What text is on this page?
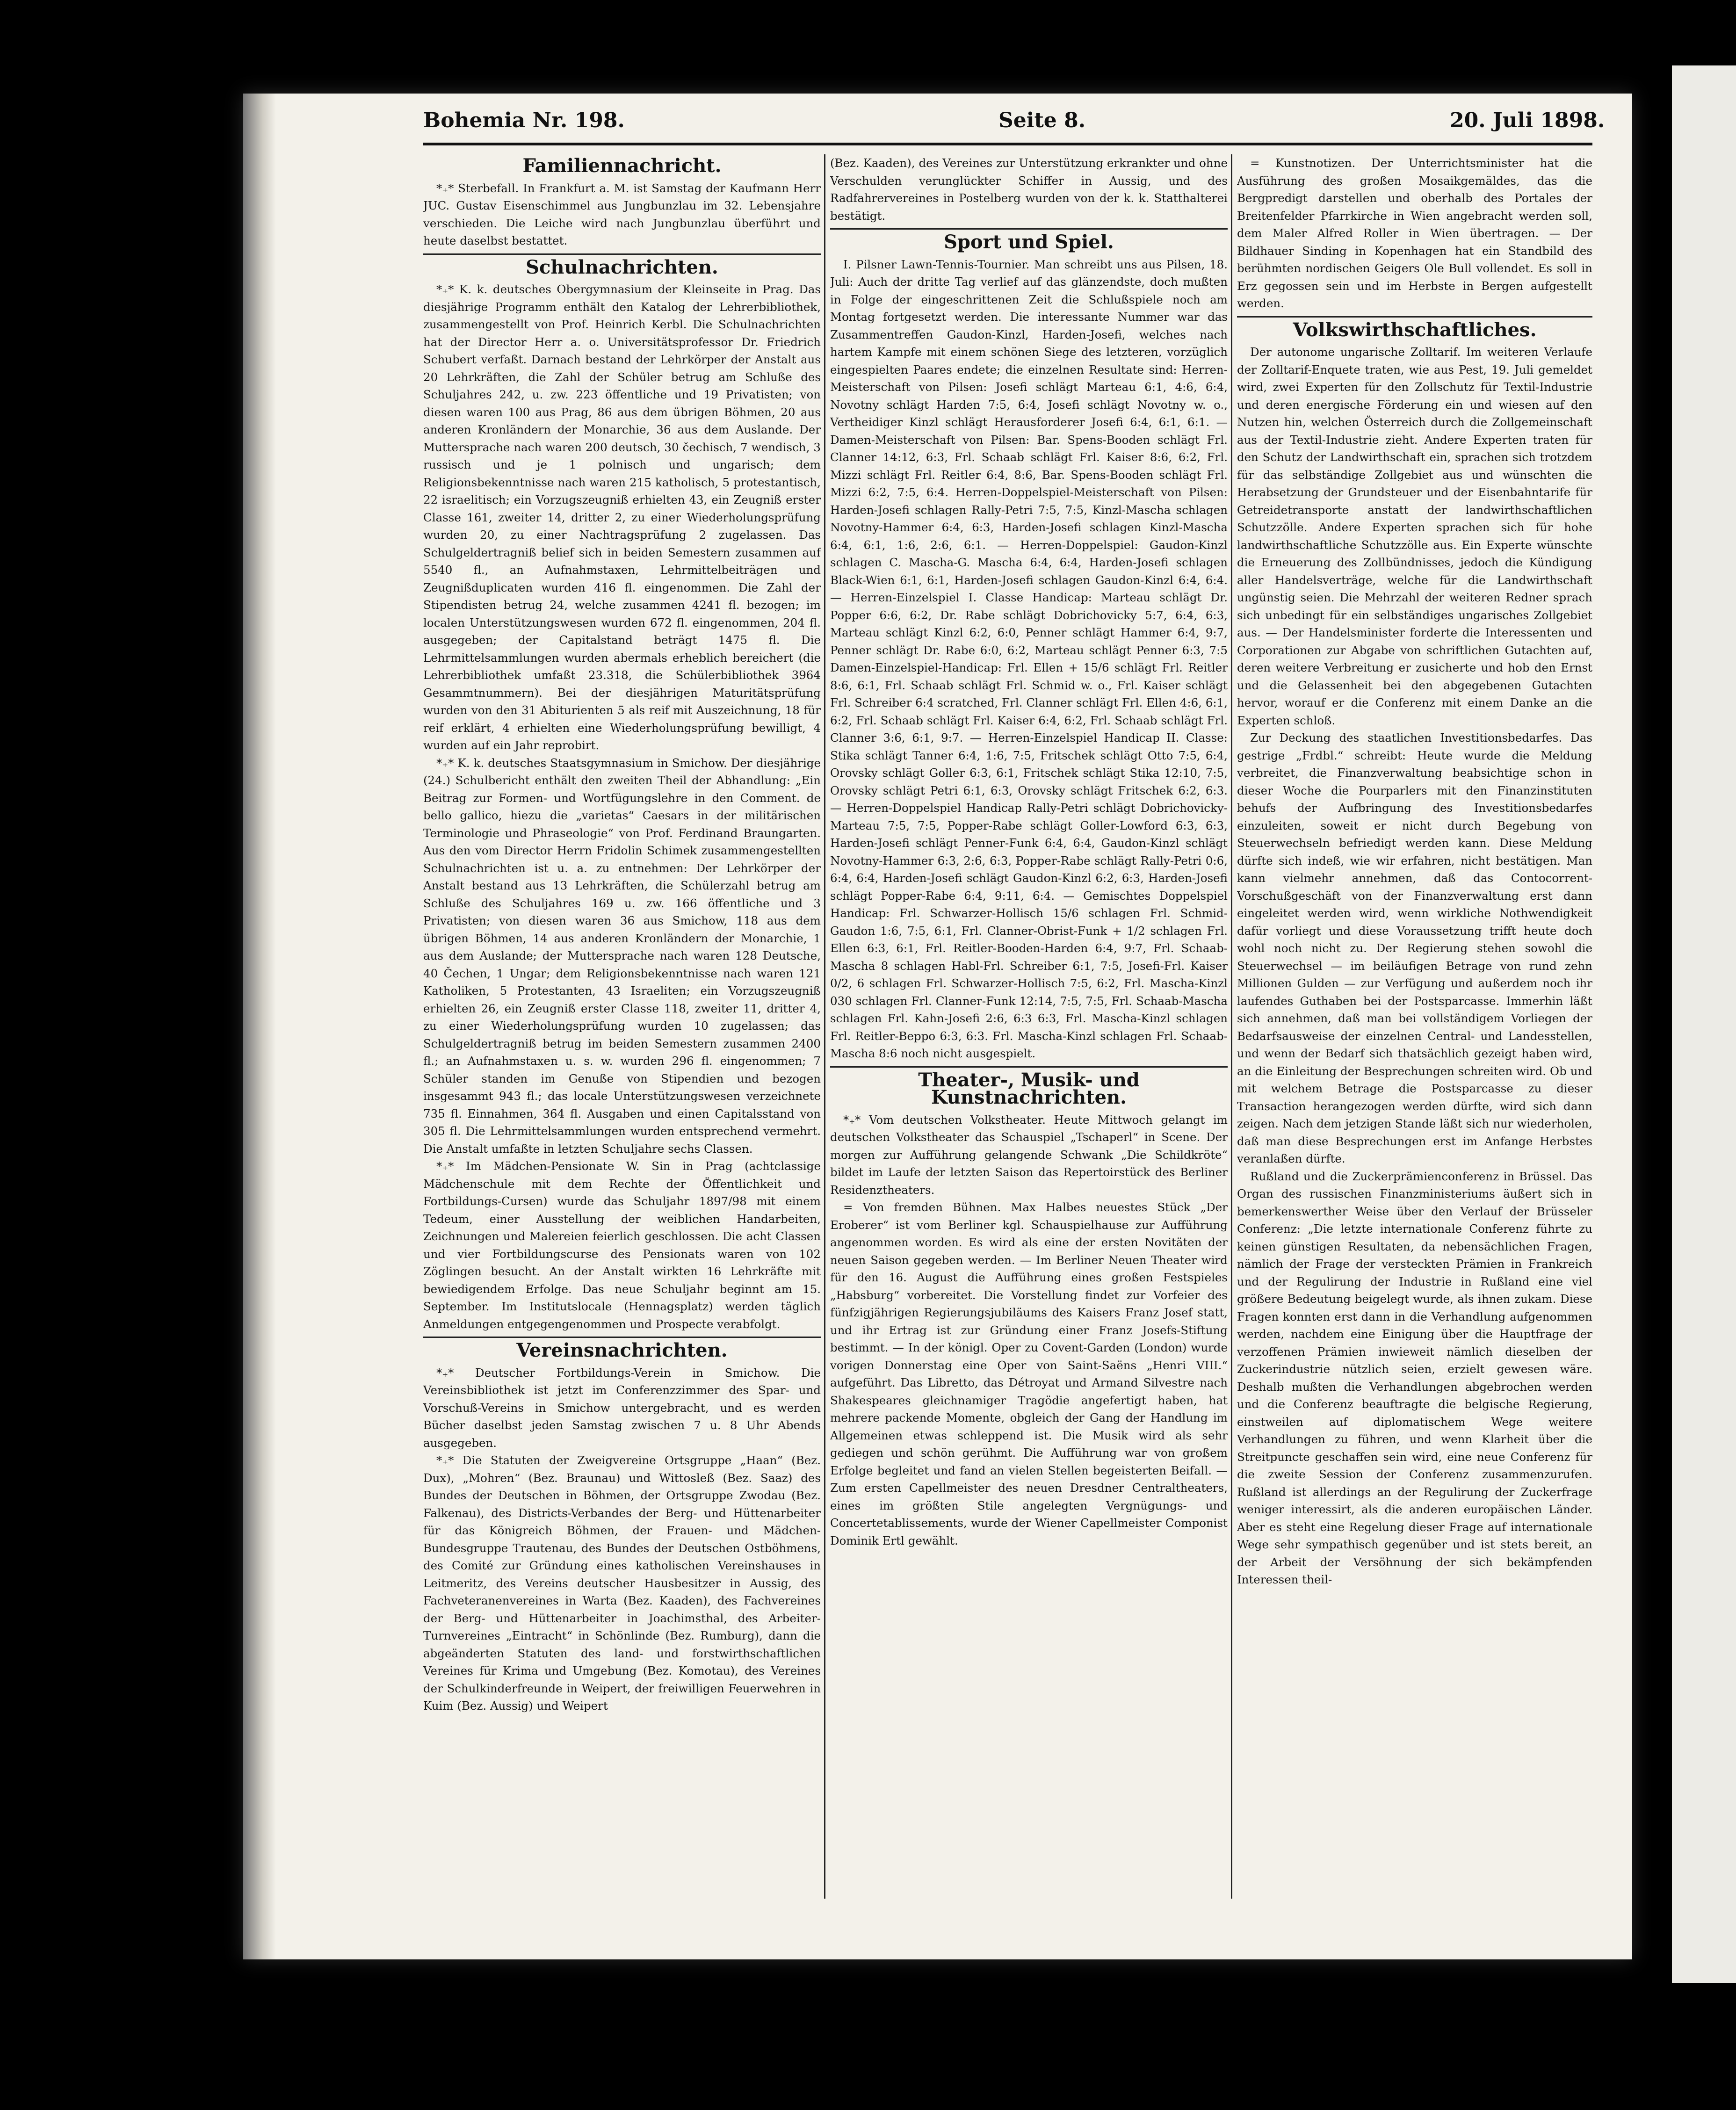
Bohemia Nr. 198.	Seite 8.	20. Juli 1898.
Familiennachricht.

*₊* Sterbefall. In Frankfurt a. M. ist Samstag der Kaufmann Herr JUC. Gustav Eisenschimmel aus Jungbunzlau im 32. Lebensjahre verschieden. Die Leiche wird nach Jungbunzlau überführt und heute daselbst bestattet.

Schulnachrichten.

*₊* K. k. deutsches Obergymnasium der Kleinseite in Prag. Das diesjährige Programm enthält den Katalog der Lehrerbibliothek, zusammengestellt von Prof. Heinrich Kerbl. Die Schulnachrichten hat der Director Herr a. o. Universitätsprofessor Dr. Friedrich Schubert verfaßt. Darnach bestand der Lehrkörper der Anstalt aus 20 Lehrkräften, die Zahl der Schüler betrug am Schluße des Schuljahres 242, u. zw. 223 öffentliche und 19 Privatisten; von diesen waren 100 aus Prag, 86 aus dem übrigen Böhmen, 20 aus anderen Kronländern der Monarchie, 36 aus dem Auslande. Der Muttersprache nach waren 200 deutsch, 30 čechisch, 7 wendisch, 3 russisch und je 1 polnisch und ungarisch; dem Religionsbekenntnisse nach waren 215 katholisch, 5 protestantisch, 22 israelitisch; ein Vorzugszeugniß erhielten 43, ein Zeugniß erster Classe 161, zweiter 14, dritter 2, zu einer Wiederholungsprüfung wurden 20, zu einer Nachtragsprüfung 2 zugelassen. Das Schulgeldertragniß belief sich in beiden Semestern zusammen auf 5540 fl., an Aufnahmstaxen, Lehrmittelbeiträgen und Zeugnißduplicaten wurden 416 fl. eingenommen. Die Zahl der Stipendisten betrug 24, welche zusammen 4241 fl. bezogen; im localen Unterstützungswesen wurden 672 fl. eingenommen, 204 fl. ausgegeben; der Capitalstand beträgt 1475 fl. Die Lehrmittelsammlungen wurden abermals erheblich bereichert (die Lehrerbibliothek umfaßt 23.318, die Schülerbibliothek 3964 Gesammtnummern). Bei der diesjährigen Maturitätsprüfung wurden von den 31 Abiturienten 5 als reif mit Auszeichnung, 18 für reif erklärt, 4 erhielten eine Wiederholungsprüfung bewilligt, 4 wurden auf ein Jahr reprobirt.

*₊* K. k. deutsches Staatsgymnasium in Smichow. Der diesjährige (24.) Schulbericht enthält den zweiten Theil der Abhandlung: „Ein Beitrag zur Formen- und Wortfügungslehre in den Comment. de bello gallico, hiezu die „varietas“ Caesars in der militärischen Terminologie und Phraseologie“ von Prof. Ferdinand Braungarten. Aus den vom Director Herrn Fridolin Schimek zusammengestellten Schulnachrichten ist u. a. zu entnehmen: Der Lehrkörper der Anstalt bestand aus 13 Lehrkräften, die Schülerzahl betrug am Schluße des Schuljahres 169 u. zw. 166 öffentliche und 3 Privatisten; von diesen waren 36 aus Smichow, 118 aus dem übrigen Böhmen, 14 aus anderen Kronländern der Monarchie, 1 aus dem Auslande; der Muttersprache nach waren 128 Deutsche, 40 Čechen, 1 Ungar; dem Religionsbekenntnisse nach waren 121 Katholiken, 5 Protestanten, 43 Israeliten; ein Vorzugszeugniß erhielten 26, ein Zeugniß erster Classe 118, zweiter 11, dritter 4, zu einer Wiederholungsprüfung wurden 10 zugelassen; das Schulgeldertragniß betrug im beiden Semestern zusammen 2400 fl.; an Aufnahmstaxen u. s. w. wurden 296 fl. eingenommen; 7 Schüler standen im Genuße von Stipendien und bezogen insgesammt 943 fl.; das locale Unterstützungswesen verzeichnete 735 fl. Einnahmen, 364 fl. Ausgaben und einen Capitalsstand von 305 fl. Die Lehrmittelsammlungen wurden entsprechend vermehrt. Die Anstalt umfaßte in letzten Schuljahre sechs Classen.

*₊* Im Mädchen-Pensionate W. Sin in Prag (achtclassige Mädchenschule mit dem Rechte der Öffentlichkeit und Fortbildungs-Cursen) wurde das Schuljahr 1897/98 mit einem Tedeum, einer Ausstellung der weiblichen Handarbeiten, Zeichnungen und Malereien feierlich geschlossen. Die acht Classen und vier Fortbildungscurse des Pensionats waren von 102 Zöglingen besucht. An der Anstalt wirkten 16 Lehrkräfte mit bewiedigendem Erfolge. Das neue Schuljahr beginnt am 15. September. Im Institutslocale (Hennagsplatz) werden täglich Anmeldungen entgegengenommen und Prospecte verabfolgt.

Vereinsnachrichten.

*₊* Deutscher Fortbildungs-Verein in Smichow. Die Vereinsbibliothek ist jetzt im Conferenzzimmer des Spar- und Vorschuß-Vereins in Smichow untergebracht, und es werden Bücher daselbst jeden Samstag zwischen 7 u. 8 Uhr Abends ausgegeben.

*₊* Die Statuten der Zweigvereine Ortsgruppe „Haan“ (Bez. Dux), „Mohren“ (Bez. Braunau) und Wittosleß (Bez. Saaz) des Bundes der Deutschen in Böhmen, der Ortsgruppe Zwodau (Bez. Falkenau), des Districts-Verbandes der Berg- und Hüttenarbeiter für das Königreich Böhmen, der Frauen- und Mädchen-Bundesgruppe Trautenau, des Bundes der Deutschen Ostböhmens, des Comité zur Gründung eines katholischen Vereinshauses in Leitmeritz, des Vereins deutscher Hausbesitzer in Aussig, des Fachveteranenvereines in Warta (Bez. Kaaden), des Fachvereines der Berg- und Hüttenarbeiter in Joachimsthal, des Arbeiter-Turnvereines „Eintracht“ in Schönlinde (Bez. Rumburg), dann die abgeänderten Statuten des land- und forstwirthschaftlichen Vereines für Krima und Umgebung (Bez. Komotau), des Vereines der Schulkinderfreunde in Weipert, der freiwilligen Feuerwehren in Kuim (Bez. Aussig) und Weipert

(Bez. Kaaden), des Vereines zur Unterstützung erkrankter und ohne Verschulden verunglückter Schiffer in Aussig, und des Radfahrervereines in Postelberg wurden von der k. k. Statthalterei bestätigt.

Sport und Spiel.

I. Pilsner Lawn-Tennis-Tournier. Man schreibt uns aus Pilsen, 18. Juli: Auch der dritte Tag verlief auf das glänzendste, doch mußten in Folge der eingeschrittenen Zeit die Schlußspiele noch am Montag fortgesetzt werden. Die interessante Nummer war das Zusammentreffen Gaudon-Kinzl, Harden-Josefi, welches nach hartem Kampfe mit einem schönen Siege des letzteren, vorzüglich eingespielten Paares endete; die einzelnen Resultate sind: Herren-Meisterschaft von Pilsen: Josefi schlägt Marteau 6:1, 4:6, 6:4, Novotny schlägt Harden 7:5, 6:4, Josefi schlägt Novotny w. o., Vertheidiger Kinzl schlägt Herausforderer Josefi 6:4, 6:1, 6:1. — Damen-Meisterschaft von Pilsen: Bar. Spens-Booden schlägt Frl. Clanner 14:12, 6:3, Frl. Schaab schlägt Frl. Kaiser 8:6, 6:2, Frl. Mizzi schlägt Frl. Reitler 6:4, 8:6, Bar. Spens-Booden schlägt Frl. Mizzi 6:2, 7:5, 6:4. Herren-Doppelspiel-Meisterschaft von Pilsen: Harden-Josefi schlagen Rally-Petri 7:5, 7:5, Kinzl-Mascha schlagen Novotny-Hammer 6:4, 6:3, Harden-Josefi schlagen Kinzl-Mascha 6:4, 6:1, 1:6, 2:6, 6:1. — Herren-Doppelspiel: Gaudon-Kinzl schlagen C. Mascha-G. Mascha 6:4, 6:4, Harden-Josefi schlagen Black-Wien 6:1, 6:1, Harden-Josefi schlagen Gaudon-Kinzl 6:4, 6:4. — Herren-Einzelspiel I. Classe Handicap: Marteau schlägt Dr. Popper 6:6, 6:2, Dr. Rabe schlägt Dobrichovicky 5:7, 6:4, 6:3, Marteau schlägt Kinzl 6:2, 6:0, Penner schlägt Hammer 6:4, 9:7, Penner schlägt Dr. Rabe 6:0, 6:2, Marteau schlägt Penner 6:3, 7:5 Damen-Einzelspiel-Handicap: Frl. Ellen + 15/6 schlägt Frl. Reitler 8:6, 6:1, Frl. Schaab schlägt Frl. Schmid w. o., Frl. Kaiser schlägt Frl. Schreiber 6:4 scratched, Frl. Clanner schlägt Frl. Ellen 4:6, 6:1, 6:2, Frl. Schaab schlägt Frl. Kaiser 6:4, 6:2, Frl. Schaab schlägt Frl. Clanner 3:6, 6:1, 9:7. — Herren-Einzelspiel Handicap II. Classe: Stika schlägt Tanner 6:4, 1:6, 7:5, Fritschek schlägt Otto 7:5, 6:4, Orovsky schlägt Goller 6:3, 6:1, Fritschek schlägt Stika 12:10, 7:5, Orovsky schlägt Petri 6:1, 6:3, Orovsky schlägt Fritschek 6:2, 6:3. — Herren-Doppelspiel Handicap Rally-Petri schlägt Dobrichovicky-Marteau 7:5, 7:5, Popper-Rabe schlägt Goller-Lowford 6:3, 6:3, Harden-Josefi schlägt Penner-Funk 6:4, 6:4, Gaudon-Kinzl schlägt Novotny-Hammer 6:3, 2:6, 6:3, Popper-Rabe schlägt Rally-Petri 0:6, 6:4, 6:4, Harden-Josefi schlägt Gaudon-Kinzl 6:2, 6:3, Harden-Josefi schlägt Popper-Rabe 6:4, 9:11, 6:4. — Gemischtes Doppelspiel Handicap: Frl. Schwarzer-Hollisch 15/6 schlagen Frl. Schmid-Gaudon 1:6, 7:5, 6:1, Frl. Clanner-Obrist-Funk + 1/2 schlagen Frl. Ellen 6:3, 6:1, Frl. Reitler-Booden-Harden 6:4, 9:7, Frl. Schaab-Mascha 8 schlagen Habl-Frl. Schreiber 6:1, 7:5, Josefi-Frl. Kaiser 0/2, 6 schlagen Frl. Schwarzer-Hollisch 7:5, 6:2, Frl. Mascha-Kinzl 030 schlagen Frl. Clanner-Funk 12:14, 7:5, 7:5, Frl. Schaab-Mascha schlagen Frl. Kahn-Josefi 2:6, 6:3 6:3, Frl. Mascha-Kinzl schlagen Frl. Reitler-Beppo 6:3, 6:3. Frl. Mascha-Kinzl schlagen Frl. Schaab-Mascha 8:6 noch nicht ausgespielt.

Theater-, Musik- und Kunstnachrichten.

*₊* Vom deutschen Volkstheater. Heute Mittwoch gelangt im deutschen Volkstheater das Schauspiel „Tschaperl“ in Scene. Der morgen zur Aufführung gelangende Schwank „Die Schildkröte“ bildet im Laufe der letzten Saison das Repertoirstück des Berliner Residenztheaters.

= Von fremden Bühnen. Max Halbes neuestes Stück „Der Eroberer“ ist vom Berliner kgl. Schauspielhause zur Aufführung angenommen worden. Es wird als eine der ersten Novitäten der neuen Saison gegeben werden. — Im Berliner Neuen Theater wird für den 16. August die Aufführung eines großen Festspieles „Habsburg“ vorbereitet. Die Vorstellung findet zur Vorfeier des fünfzigjährigen Regierungsjubiläums des Kaisers Franz Josef statt, und ihr Ertrag ist zur Gründung einer Franz Josefs-Stiftung bestimmt. — In der königl. Oper zu Covent-Garden (London) wurde vorigen Donnerstag eine Oper von Saint-Saëns „Henri VIII.“ aufgeführt. Das Libretto, das Détroyat und Armand Silvestre nach Shakespeares gleichnamiger Tragödie angefertigt haben, hat mehrere packende Momente, obgleich der Gang der Handlung im Allgemeinen etwas schleppend ist. Die Musik wird als sehr gediegen und schön gerühmt. Die Aufführung war von großem Erfolge begleitet und fand an vielen Stellen begeisterten Beifall. — Zum ersten Capellmeister des neuen Dresdner Centraltheaters, eines im größten Stile angelegten Vergnügungs- und Concertetablissements, wurde der Wiener Capellmeister Componist Dominik Ertl gewählt.

= Kunstnotizen. Der Unterrichtsminister hat die Ausführung des großen Mosaikgemäldes, das die Bergpredigt darstellen und oberhalb des Portales der Breitenfelder Pfarrkirche in Wien angebracht werden soll, dem Maler Alfred Roller in Wien übertragen. — Der Bildhauer Sinding in Kopenhagen hat ein Standbild des berühmten nordischen Geigers Ole Bull vollendet. Es soll in Erz gegossen sein und im Herbste in Bergen aufgestellt werden.

Volkswirthschaftliches.

Der autonome ungarische Zolltarif. Im weiteren Verlaufe der Zolltarif-Enquete traten, wie aus Pest, 19. Juli gemeldet wird, zwei Experten für den Zollschutz für Textil-Industrie und deren energische Förderung ein und wiesen auf den Nutzen hin, welchen Österreich durch die Zollgemeinschaft aus der Textil-Industrie zieht. Andere Experten traten für den Schutz der Landwirthschaft ein, sprachen sich trotzdem für das selbständige Zollgebiet aus und wünschten die Herabsetzung der Grundsteuer und der Eisenbahntarife für Getreidetransporte anstatt der landwirthschaftlichen Schutzzölle. Andere Experten sprachen sich für hohe landwirthschaftliche Schutzzölle aus. Ein Experte wünschte die Erneuerung des Zollbündnisses, jedoch die Kündigung aller Handelsverträge, welche für die Landwirthschaft ungünstig seien. Die Mehrzahl der weiteren Redner sprach sich unbedingt für ein selbständiges ungarisches Zollgebiet aus. — Der Handelsminister forderte die Interessenten und Corporationen zur Abgabe von schriftlichen Gutachten auf, deren weitere Verbreitung er zusicherte und hob den Ernst und die Gelassenheit bei den abgegebenen Gutachten hervor, worauf er die Conferenz mit einem Danke an die Experten schloß.

Zur Deckung des staatlichen Investitionsbedarfes. Das gestrige „Frdbl.“ schreibt: Heute wurde die Meldung verbreitet, die Finanzverwaltung beabsichtige schon in dieser Woche die Pourparlers mit den Finanzinstituten behufs der Aufbringung des Investitionsbedarfes einzuleiten, soweit er nicht durch Begebung von Steuerwechseln befriedigt werden kann. Diese Meldung dürfte sich indeß, wie wir erfahren, nicht bestätigen. Man kann vielmehr annehmen, daß das Contocorrent-Vorschußgeschäft von der Finanzverwaltung erst dann eingeleitet werden wird, wenn wirkliche Nothwendigkeit dafür vorliegt und diese Voraussetzung trifft heute doch wohl noch nicht zu. Der Regierung stehen sowohl die Steuerwechsel — im beiläufigen Betrage von rund zehn Millionen Gulden — zur Verfügung und außerdem noch ihr laufendes Guthaben bei der Postsparcasse. Immerhin läßt sich annehmen, daß man bei vollständigem Vorliegen der Bedarfsausweise der einzelnen Central- und Landesstellen, und wenn der Bedarf sich thatsächlich gezeigt haben wird, an die Einleitung der Besprechungen schreiten wird. Ob und mit welchem Betrage die Postsparcasse zu dieser Transaction herangezogen werden dürfte, wird sich dann zeigen. Nach dem jetzigen Stande läßt sich nur wiederholen, daß man diese Besprechungen erst im Anfange Herbstes veranlaßen dürfte.

Rußland und die Zuckerprämienconferenz in Brüssel. Das Organ des russischen Finanzministeriums äußert sich in bemerkenswerther Weise über den Verlauf der Brüsseler Conferenz: „Die letzte internationale Conferenz führte zu keinen günstigen Resultaten, da nebensächlichen Fragen, nämlich der Frage der versteckten Prämien in Frankreich und der Regulirung der Industrie in Rußland eine viel größere Bedeutung beigelegt wurde, als ihnen zukam. Diese Fragen konnten erst dann in die Verhandlung aufgenommen werden, nachdem eine Einigung über die Hauptfrage der verzoffenen Prämien inwieweit nämlich dieselben der Zuckerindustrie nützlich seien, erzielt gewesen wäre. Deshalb mußten die Verhandlungen abgebrochen werden und die Conferenz beauftragte die belgische Regierung, einstweilen auf diplomatischem Wege weitere Verhandlungen zu führen, und wenn Klarheit über die Streitpuncte geschaffen sein wird, eine neue Conferenz für die zweite Session der Conferenz zusammenzurufen. Rußland ist allerdings an der Regulirung der Zuckerfrage weniger interessirt, als die anderen europäischen Länder. Aber es steht eine Regelung dieser Frage auf internationale Wege sehr sympathisch gegenüber und ist stets bereit, an der Arbeit der Versöhnung der sich bekämpfenden Interessen theil-
